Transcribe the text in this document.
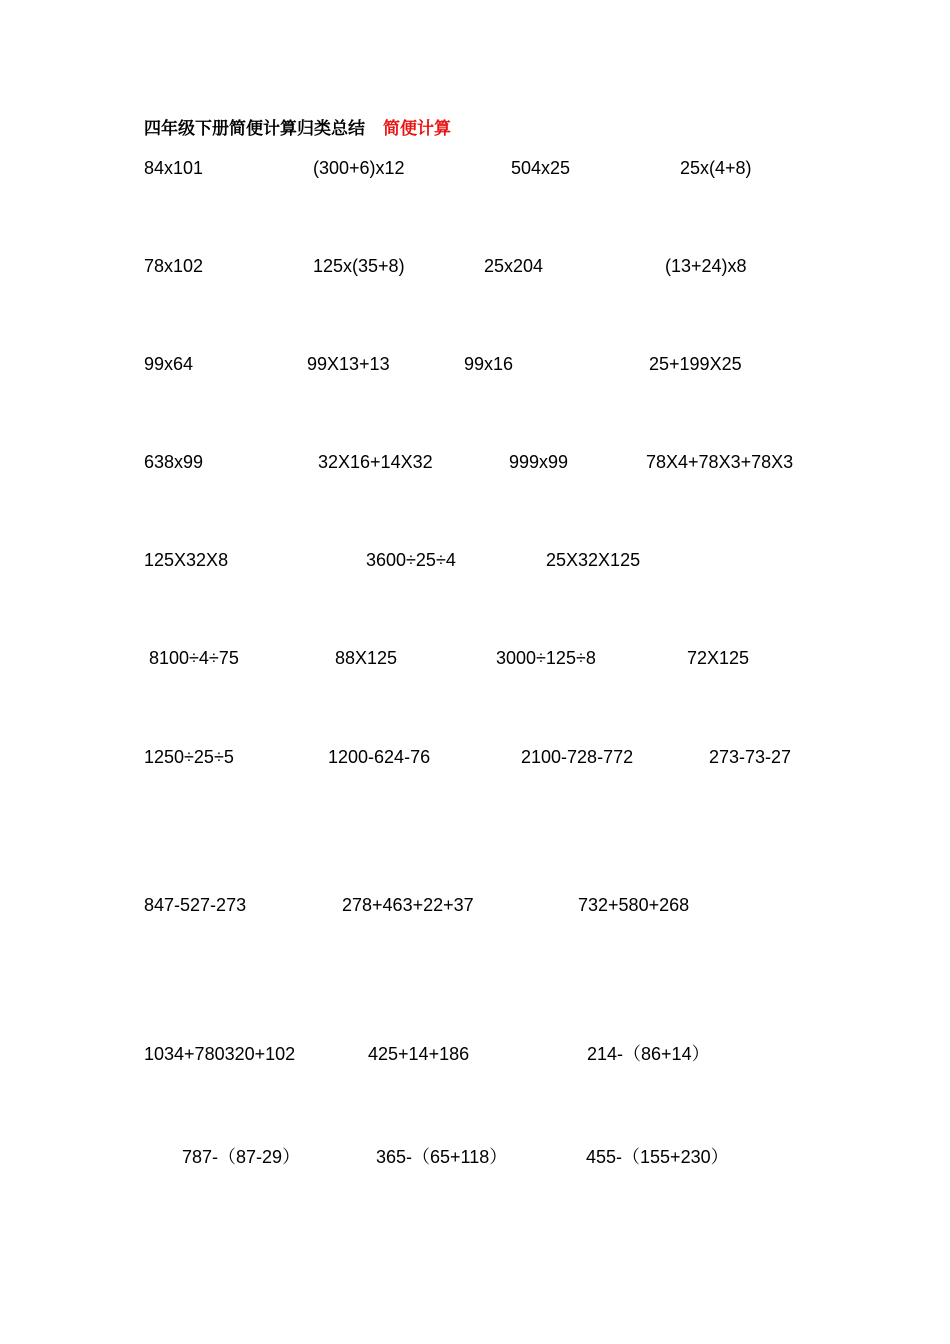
四年级下册简便计算归类总结 简便计算
84x101	(300+6)x12	504x25	25x(4+8)
78x102	125x(35+8)	25x204	(13+24)x8
99x64	99X13+13	99x16	25+199X25
638x99	32X16+14X32	999x99	78X4+78X3+78X3
125X32X8	3600÷25÷4	25X32X125
8100÷4÷75	88X125	3000÷125÷8	72X125
1250÷25÷5	1200-624-76	2100-728-772	273-73-27
847-527-273	278+463+22+37	732+580+268
1034+780320+102	425+14+186	214-（86+14）
787-（87-29）	365-（65+118）	455-（155+230）
